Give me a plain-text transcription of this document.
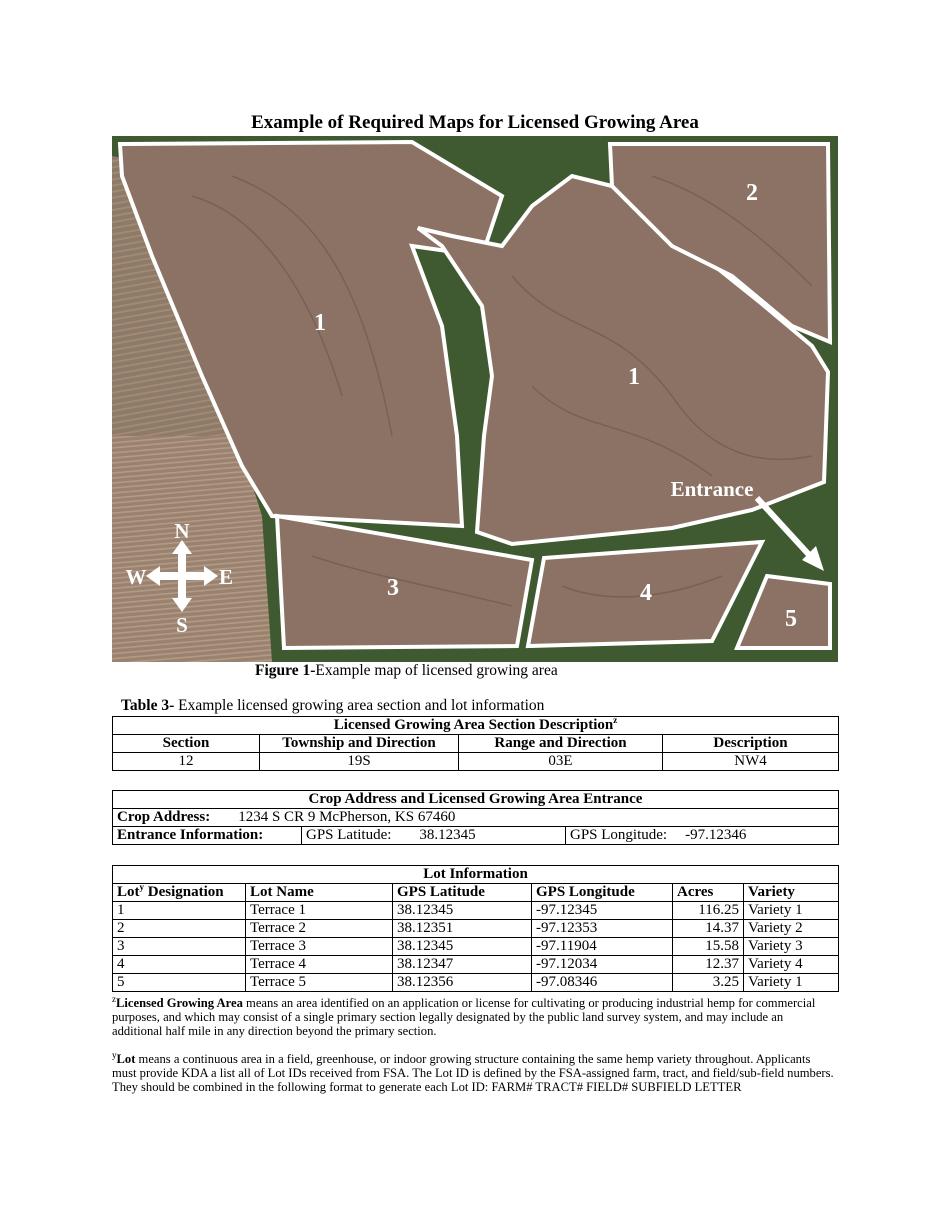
Example of Required Maps for Licensed Growing Area
1
1
2
3	4
5
Entrance
N
S
E
W
Figure 1-Example map of licensed growing area
Table 3- Example licensed growing area section and lot information
Licensed Growing Area Section Description$^z$
Section	Township and Direction	Range and Direction	Description
12	19S	03E	NW4
Crop Address and Licensed Growing Area Entrance
Crop Address: 1234 S CR 9 McPherson, KS 67460
Entrance Information:	GPS Latitude: 38.12345	GPS Longitude: -97.12346
Lot Information					
Lot$^y$ Designation	Lot Name	GPS Latitude	GPS Longitude	Acres	Variety
1	Terrace 1	38.12345	-97.12345	116.25	Variety 1
2	Terrace 2	38.12351	-97.12353	14.37	Variety 2
3	Terrace 3	38.12345	-97.11904	15.58	Variety 3
4	Terrace 4	38.12347	-97.12034	12.37	Variety 4
5	Terrace 5	38.12356	-97.08346	3.25	Variety 1
$^z$Licensed Growing Area means an area identified on an application or license for cultivating or producing industrial hemp for commercial purposes, and which may consist of a single primary section legally designated by the public land survey system, and may include an additional half mile in any direction beyond the primary section.
$^y$Lot means a continuous area in a field, greenhouse, or indoor growing structure containing the same hemp variety throughout. Applicants must provide KDA a list all of Lot IDs received from FSA. The Lot ID is defined by the FSA-assigned farm, tract, and field/sub-field numbers. They should be combined in the following format to generate each Lot ID: FARM# TRACT# FIELD# SUBFIELD LETTER
